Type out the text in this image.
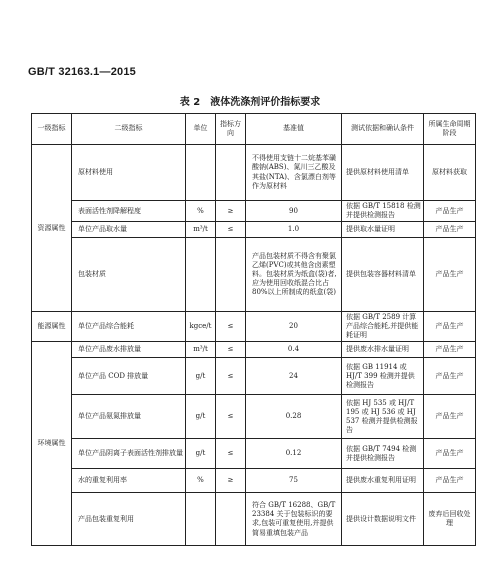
GB/T 32163.1—2015
表 2　液体洗涤剂评价指标要求
一级指标	二级指标	单位	指标方向	基准值	测试依据和确认条件	所属生命周期阶段
资源属性	原材料使用			不得使用支链十二烷基苯磺酸钠(ABS)、氮川三乙酸及其盐(NTA)、含氯漂白剂等作为原材料	提供原材料使用清单	原材料获取
	表面活性剂降解程度	%	≥	90	依据 GB/T 15818 检测并提供检测报告	产品生产
	单位产品取水量	m³/t	≤	1.0	提供取水量证明	产品生产
	包装材质			产品包装材质不得含有聚氯乙烯(PVC)或其他含卤素塑料。包装材质为纸盒(袋)者,应为使用回收纸混合比占 80%以上所制成的纸盒(袋)	提供包装容器材料清单	产品生产
能源属性	单位产品综合能耗	kgce/t	≤	20	依据 GB/T 2589 计算产品综合能耗,并提供能耗证明	产品生产
环境属性	单位产品废水排放量	m³/t	≤	0.4	提供废水排水量证明	产品生产
	单位产品 COD 排放量	g/t	≤	24	依据 GB 11914 或 HJ/T 399 检测并提供检测报告	产品生产
	单位产品氨氮排放量	g/t	≤	0.28	依据 HJ 535 或 HJ/T 195 或 HJ 536 或 HJ 537 检测并提供检测报告	产品生产
	单位产品阴离子表面活性剂排放量	g/t	≤	0.12	依据 GB/T 7494 检测并提供检测报告	产品生产
	水的重复利用率	%	≥	75	提供废水重复利用证明	产品生产
	产品包装重复利用			符合 GB/T 16288、GB/T 23384 关于包装标识的要求,包装可重复使用,并提供简易重填包装产品	提供设计数据说明文件	废弃后回收处理
